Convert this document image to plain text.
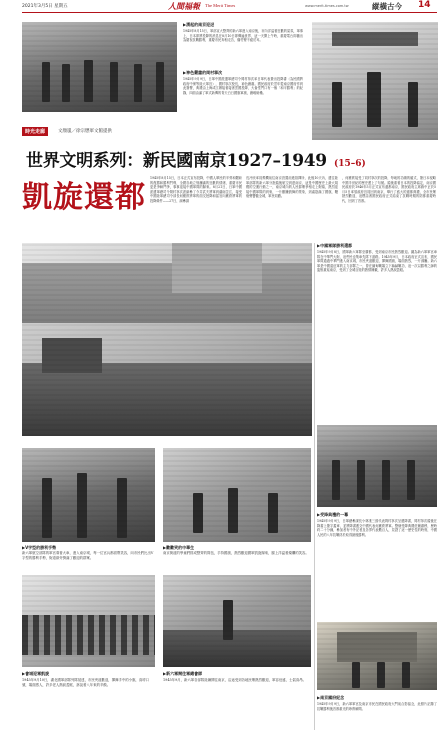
2021年3月5日 星期五	人間福報 The Merit Times	www.merit-times.com.tw	縱橫古今 14
▶湧起的南京迎迓
1945年8月15日，軍部宣大整齊的新六軍進入南京後，市內洋溢著狂歡的氣氛，軍事上，日本即將投降的消息在8月10日即傳遍世界，這一天開上午時，重慶電台即播出為慶祝抗戰勝利，重慶市民奔相走告，爆竹聲不絕於耳。
▶神色嚴肅的岡村寧次
1945年9月9日，日軍中國派遣軍總司令岡村寧次率日軍代表簽出投降書（為民國將政府中保等陸大軍官），國村寧次校長，神色嚴肅。國民政府於翌年從南京國府作到此簽署，典禮由上海或江辦接著接著雲國投降，大會堂門口有一個「和平勝利」的紀錄，四面由滿了軍式新傳的青天白日國旗軍旗，嚴峻暗壘。
時光走廊	文顏嵐／徐宗懋軍文館提供
世界文明系列：新民國南京1927–1949 (15–6)
凱旋還都
1945年8月15日，日本正式宣布投降，中國人單民的辛勞和艱鉅的復勝和勝利鬥利，全國各地立刻瀰滿的狂歡的情緒，重慶市民更是爭瞬門爭，事事迎接中國軍隊的歸來。8月21日，日軍中國派遣軍總司令岡村寧次派副參了今井武夫將軍到湖南芷江，接受中國陸軍總司令部長何應欽將軍的面交授降和當官向應欽將軍的投降條件——27日，副參謀
長冷欣率員飛機前往南京設置前進指揮所，此後10天內，遣往陸軍部隊的新六軍分批隨後航空到達南京，這是中國歷史上最大規模的空運行動之一，南京城內的人民群眾爭相走上街頭，熱烈迎接中國軍隊的到來，一片歡騰鼓舞的景象，到處掛滿了國旗，鞭炮聲響徹全城，軍民同歡。
，何應欽接受了同村寧次的投降，每地的功績的確式，簽日本侵略中國半世紀的歷史畫上了句號。隨後重著日本的投降協定，南京國民政府於1946年5月正式宣布還都南京，國民政府主席蔣中正於5月5日率領政府官員回到南京，舉行了盛大的還都典禮，全市民眾熱烈歡迎，這標誌著國民政府正式結束了抗戰時期的陪都重慶時代，回到了首都。
▶中國軍隊勝利還都
1945年9月8日，國軍新六軍隊至廣都，受到南京市民熱烈歡迎。圖為新六軍軍官車隊在中華門大街，這些民也集車先隊下道路。1945年9月，日本政府正式宣布，國民軍隊通過中華門進入南京城，市民夾道歡迎，揮舞國旗，場面熱烈，一片沸騰。新六軍是中國遠征軍的主力部隊之一，曾在緬甸戰場立下赫赫戰功，這一次以勝利之師的姿態重返南京，受到了全城百姓的熱情擁戴，許多人熱淚盈眶。
▶受降典禮的一幕
1945年9月9日，日軍總參謀長小林淺三郎代表岡村寧次呈遞降書，岡村寧次隨後在降書上簽字蓋章，並將降書遞交中國代表何應欽將軍。整個受降典禮莊嚴肅穆，歷時約二十分鐘，參加者有中外記者及各界代表數百人，見證了這一歷史性的時刻，中國人民的八年抗戰終於取得最後勝利。
▶南京國府紀念
1945年9月9日，新六軍軍官及南京市民在國民政府大門前合影留念，此照片記錄了抗戰勝利後首都重光的珍貴瞬間。
▶V字型的勝利手勢
新六軍航空部隊的軍官乘著大車，進入南京城，每一位官兵都面帶笑容，向市民們比出V字型的勝利手勢，街道兩旁擠滿了歡迎的群眾。
▶歡歡笑的中華生
南京街道的學童們排成整齊的隊伍，手持國旗，熱烈歡迎國軍凱旋歸來，臉上洋溢著燦爛的笑容。
▶會城迎軍凱旋
1945年9月10日，湖北國軍部隊列隊抵達，市民夾道歡迎，揮舞手中的小旗，高呼口號，場面感人，許多老人熱淚盈眶，訴說著八年來的辛酸。
▶新六軍開往軍總會師
1945年9月，新六軍各部隊陸續開往南京，沿途受到各地民眾熱烈歡迎，軍容壯盛，士氣高昂。
